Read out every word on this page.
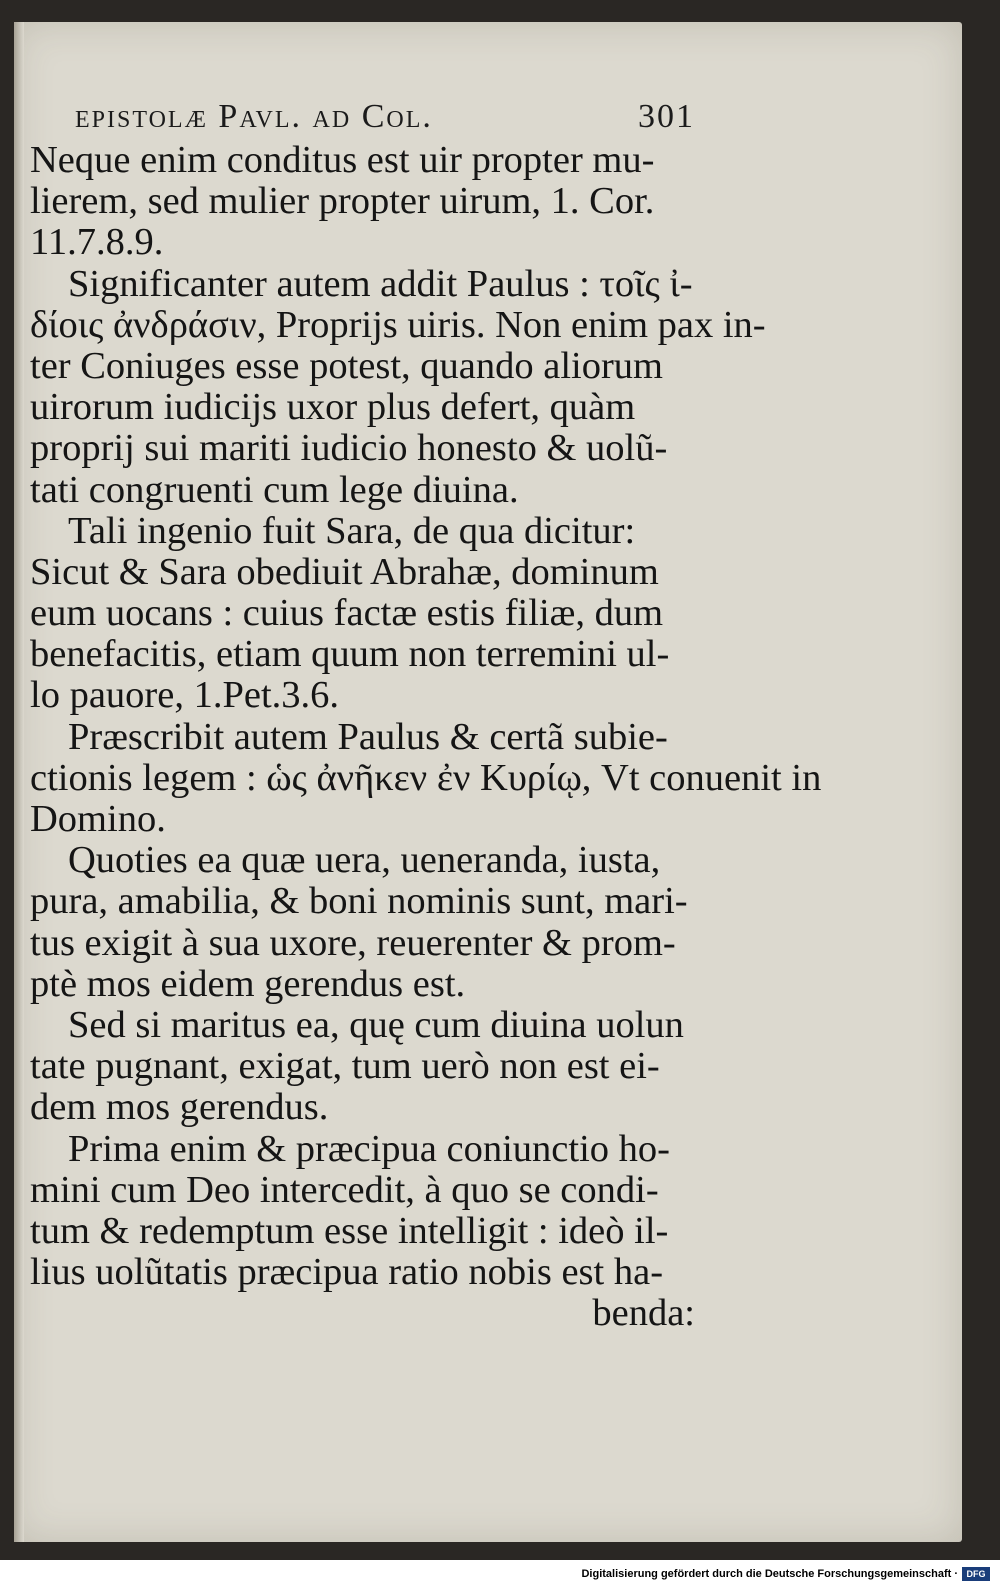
epistolæ Pavl. ad Col.	301
Neque enim conditus est uir propter mu-
lierem, sed mulier propter uirum, 1. Cor.
11.7.8.9.
Significanter autem addit Paulus : τοῖς ἰ-
δίοις ἀνδράσιν, Proprijs uiris. Non enim pax in-
ter Coniuges esse potest, quando aliorum
uirorum iudicijs uxor plus defert, quàm
proprij sui mariti iudicio honesto & uolũ-
tati congruenti cum lege diuina.
Tali ingenio fuit Sara, de qua dicitur:
Sicut & Sara obediuit Abrahæ, dominum
eum uocans : cuius factæ estis filiæ, dum
benefacitis, etiam quum non terremini ul-
lo pauore, 1.Pet.3.6.
Præscribit autem Paulus & certã subie-
ctionis legem : ὡς ἀνῆκεν ἐν Κυρίῳ, Vt conuenit in
Domino.
Quoties ea quæ uera, ueneranda, iusta,
pura, amabilia, & boni nominis sunt, mari-
tus exigit à sua uxore, reuerenter & prom-
ptè mos eidem gerendus est.
Sed si maritus ea, quę cum diuina uolun
tate pugnant, exigat, tum uerò non est ei-
dem mos gerendus.
Prima enim & præcipua coniunctio ho-
mini cum Deo intercedit, à quo se condi-
tum & redemptum esse intelligit : ideò il-
lius uolũtatis præcipua ratio nobis est ha-
benda:
Digitalisierung gefördert durch die Deutsche Forschungsgemeinschaft · DFG
